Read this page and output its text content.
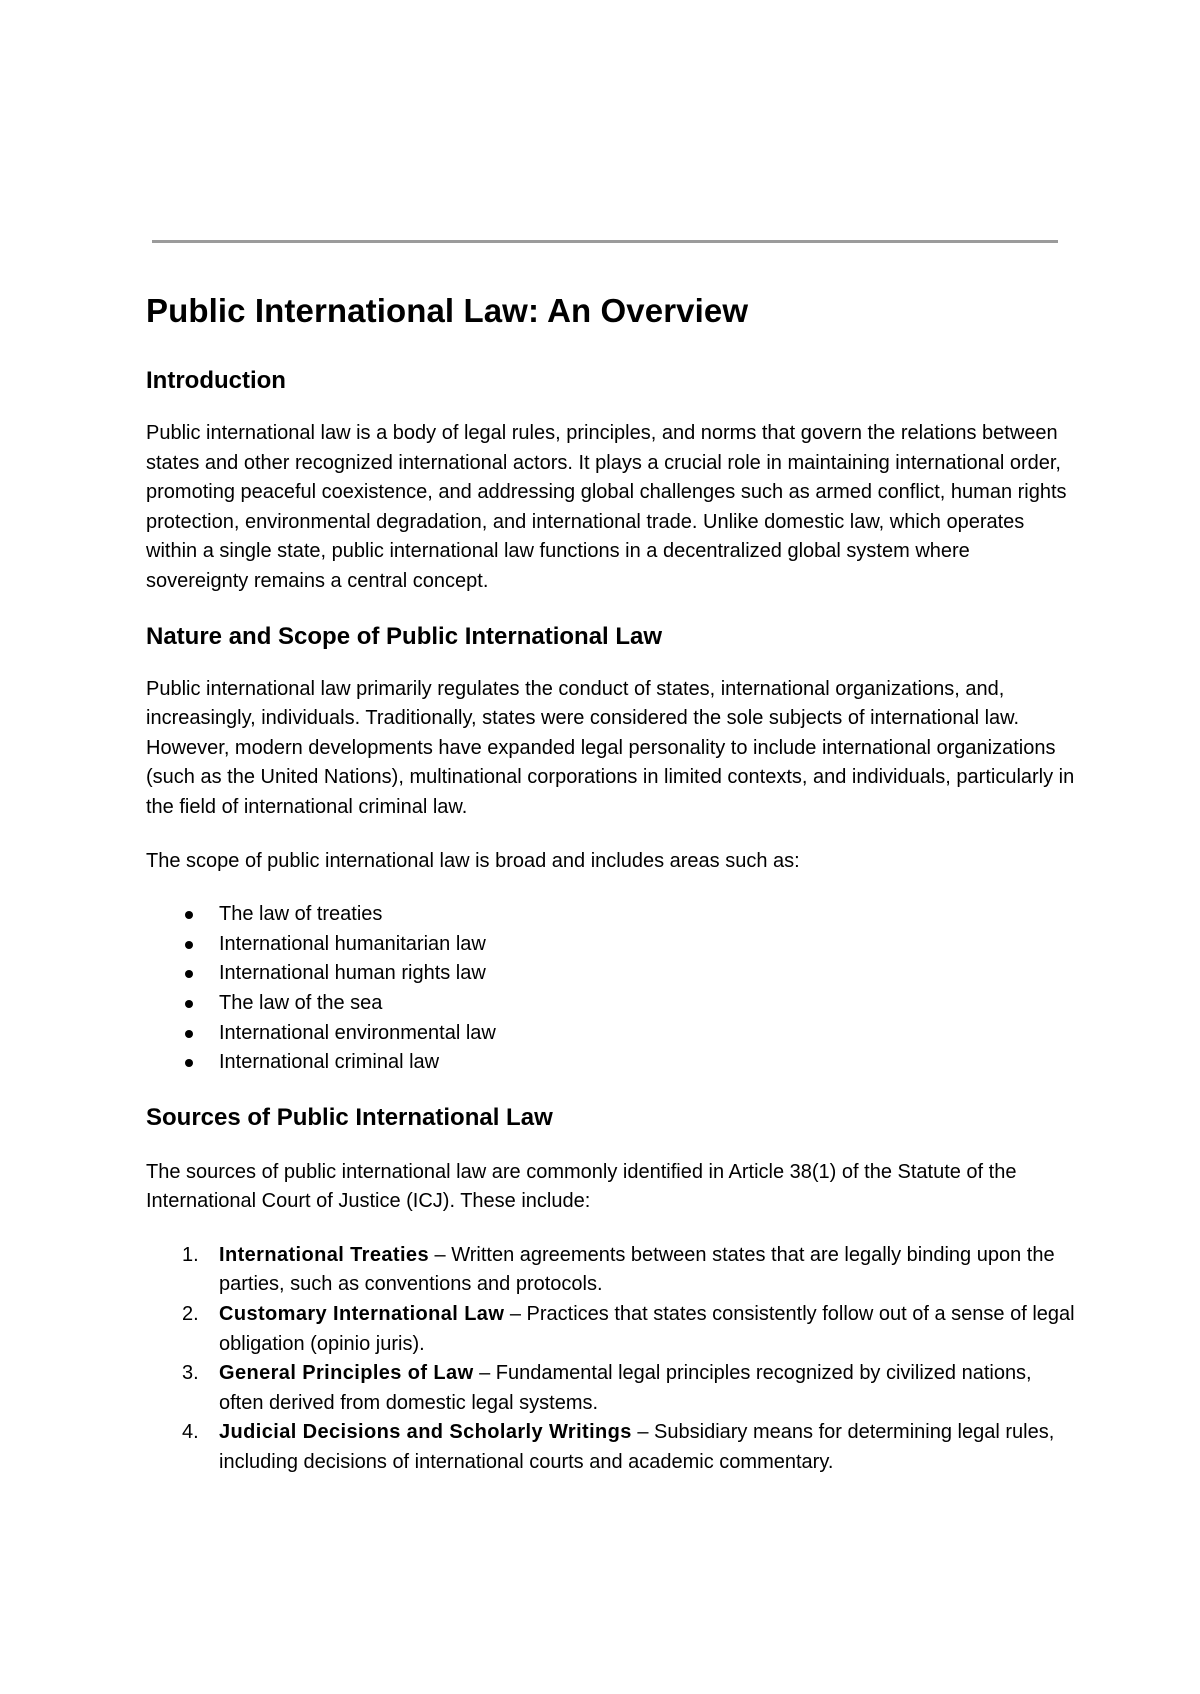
Public International Law: An Overview
Introduction

Public international law is a body of legal rules, principles, and norms that govern the relations between states and other recognized international actors. It plays a crucial role in maintaining international order, promoting peaceful coexistence, and addressing global challenges such as armed conflict, human rights protection, environmental degradation, and international trade. Unlike domestic law, which operates within a single state, public international law functions in a decentralized global system where sovereignty remains a central concept.

Nature and Scope of Public International Law

Public international law primarily regulates the conduct of states, international organizations, and, increasingly, individuals. Traditionally, states were considered the sole subjects of international law. However, modern developments have expanded legal personality to include international organizations (such as the United Nations), multinational corporations in limited contexts, and individuals, particularly in the field of international criminal law.

The scope of public international law is broad and includes areas such as:

The law of treaties
International humanitarian law
International human rights law
The law of the sea
International environmental law
International criminal law
Sources of Public International Law

The sources of public international law are commonly identified in Article 38(1) of the Statute of the International Court of Justice (ICJ). These include:

1. International Treaties – Written agreements between states that are legally binding upon the parties, such as conventions and protocols.
2. Customary International Law – Practices that states consistently follow out of a sense of legal obligation (opinio juris).
3. General Principles of Law – Fundamental legal principles recognized by civilized nations, often derived from domestic legal systems.
4. Judicial Decisions and Scholarly Writings – Subsidiary means for determining legal rules, including decisions of international courts and academic commentary.
